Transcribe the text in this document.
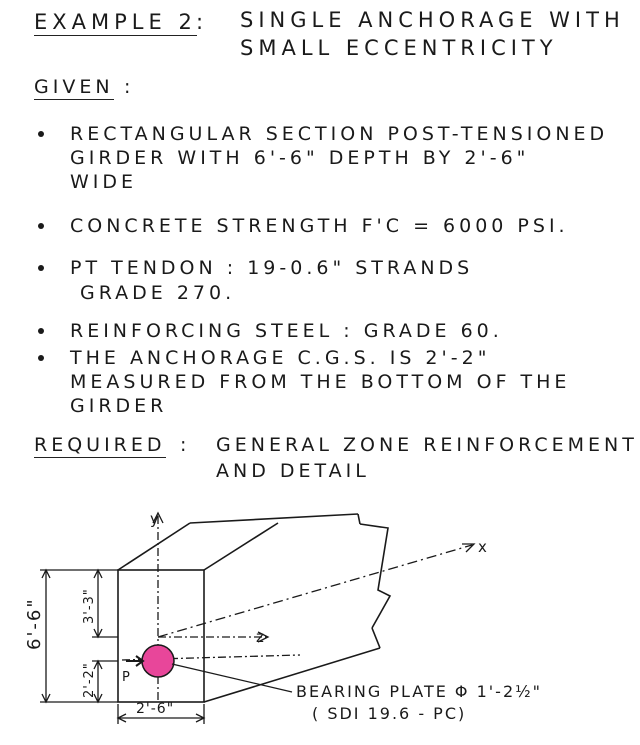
EXAMPLE 2 : SINGLE ANCHORAGE WITH
SMALL ECCENTRICITY
GIVEN :
RECTANGULAR SECTION POST-TENSIONED
GIRDER WITH 6'-6" DEPTH BY 2'-6"
WIDE
CONCRETE STRENGTH F'C = 6000 PSI.
PT TENDON : 19-0.6" STRANDS
GRADE 270.
REINFORCING STEEL : GRADE 60.
THE ANCHORAGE C.G.S. IS 2'-2"
MEASURED FROM THE BOTTOM OF THE
GIRDER
REQUIRED : GENERAL ZONE REINFORCEMENT
AND DETAIL
y
x
z
P
BEARING PLATE Φ 1'-2½"
( SDI 19.6 - PC)
6'-6"	3'-3"
2'-2"
2'-6"
